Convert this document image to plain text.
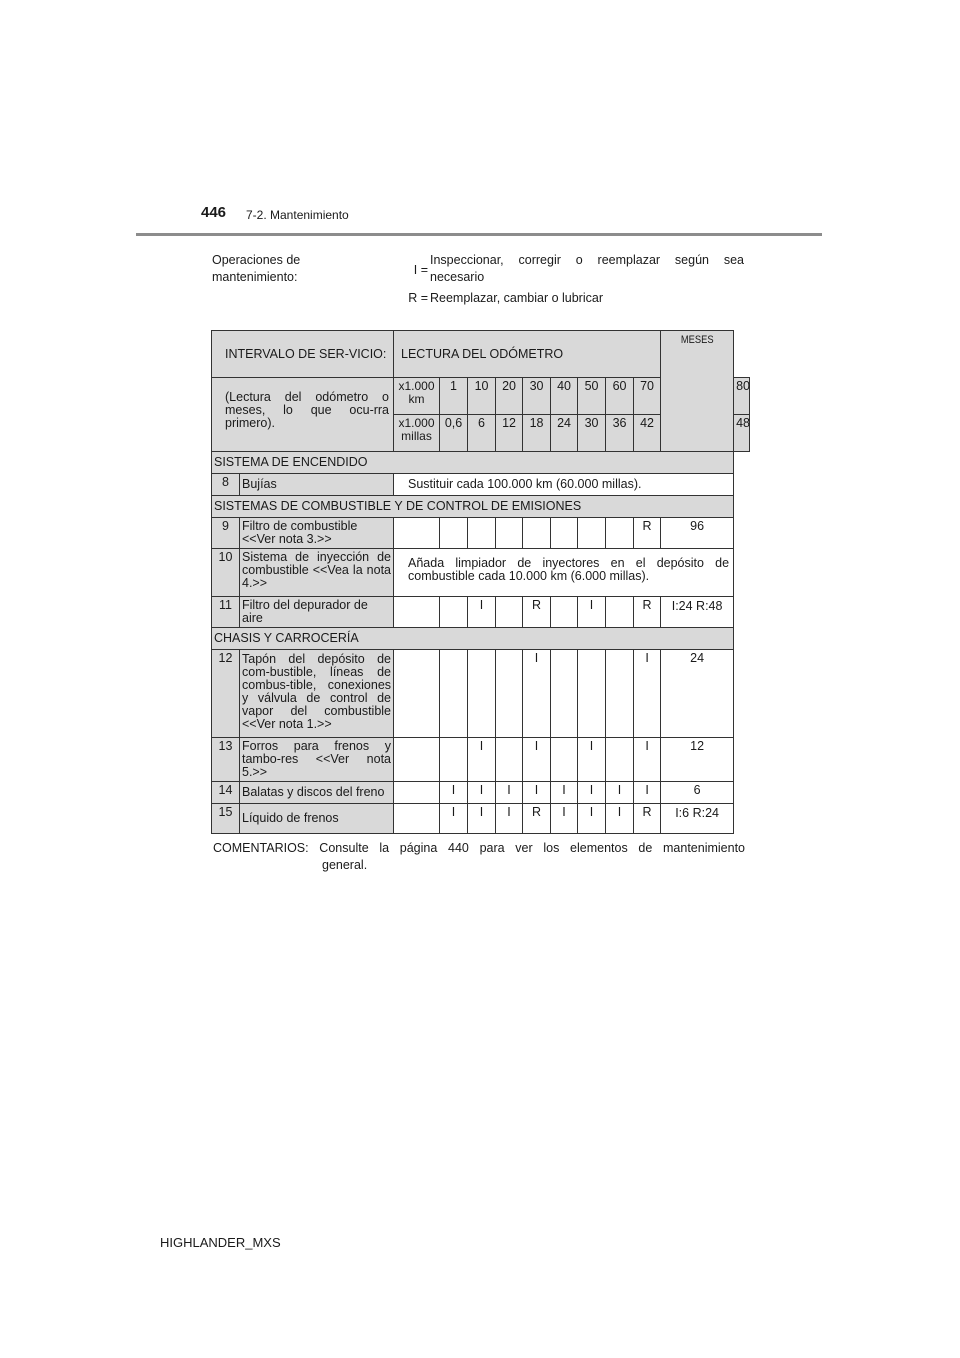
446 7-2. Mantenimiento
Operaciones de mantenimiento:	I =
Inspeccionar, corregir o reemplazar según sea necesario
R = Reemplazar, cambiar o lubricar
INTERVALO DE SER-VICIO:		LECTURA DEL ODÓMETRO									MESES	

(Lectura del odómetro o meses, lo que ocu-rra primero).		x1.000 km	1	10	20	30	40	50	60	70		80
		x1.000 millas	0,6	6	12	18	24	30	36	42		48
SISTEMA DE ENCENDIDO												
8	Bujías	Sustituir cada 100.000 km (60.000 millas).										
SISTEMAS DE COMBUSTIBLE Y DE CONTROL DE EMISIONES												
9	Filtro de combustible <<Ver nota 3.>>									R	96	
10	Sistema de inyección de combustible <<Vea la nota 4.>>	Añada limpiador de inyectores en el depósito de combustible cada 10.000 km (6.000 millas).										

11	Filtro del depurador de aire			I		R		I		R	I:24 R:48	
CHASIS Y CARROCERÍA												
12	Tapón del depósito de com-bustible, líneas de combus-tible, conexiones y válvula de control de vapor del combustible <<Ver nota 1.>>					I				I	24	
13	Forros para frenos y tambo-res <<Ver nota 5.>>			I		I		I		I	12	
14	Balatas y discos del freno		I	I	I	I	I	I	I	I	6	
15	Líquido de frenos		I	I	I	R	I	I	I	R	I:6 R:24	
COMENTARIOS: Consulte la página 440 para ver los elementos de mantenimiento
general.
HIGHLANDER_MXS
